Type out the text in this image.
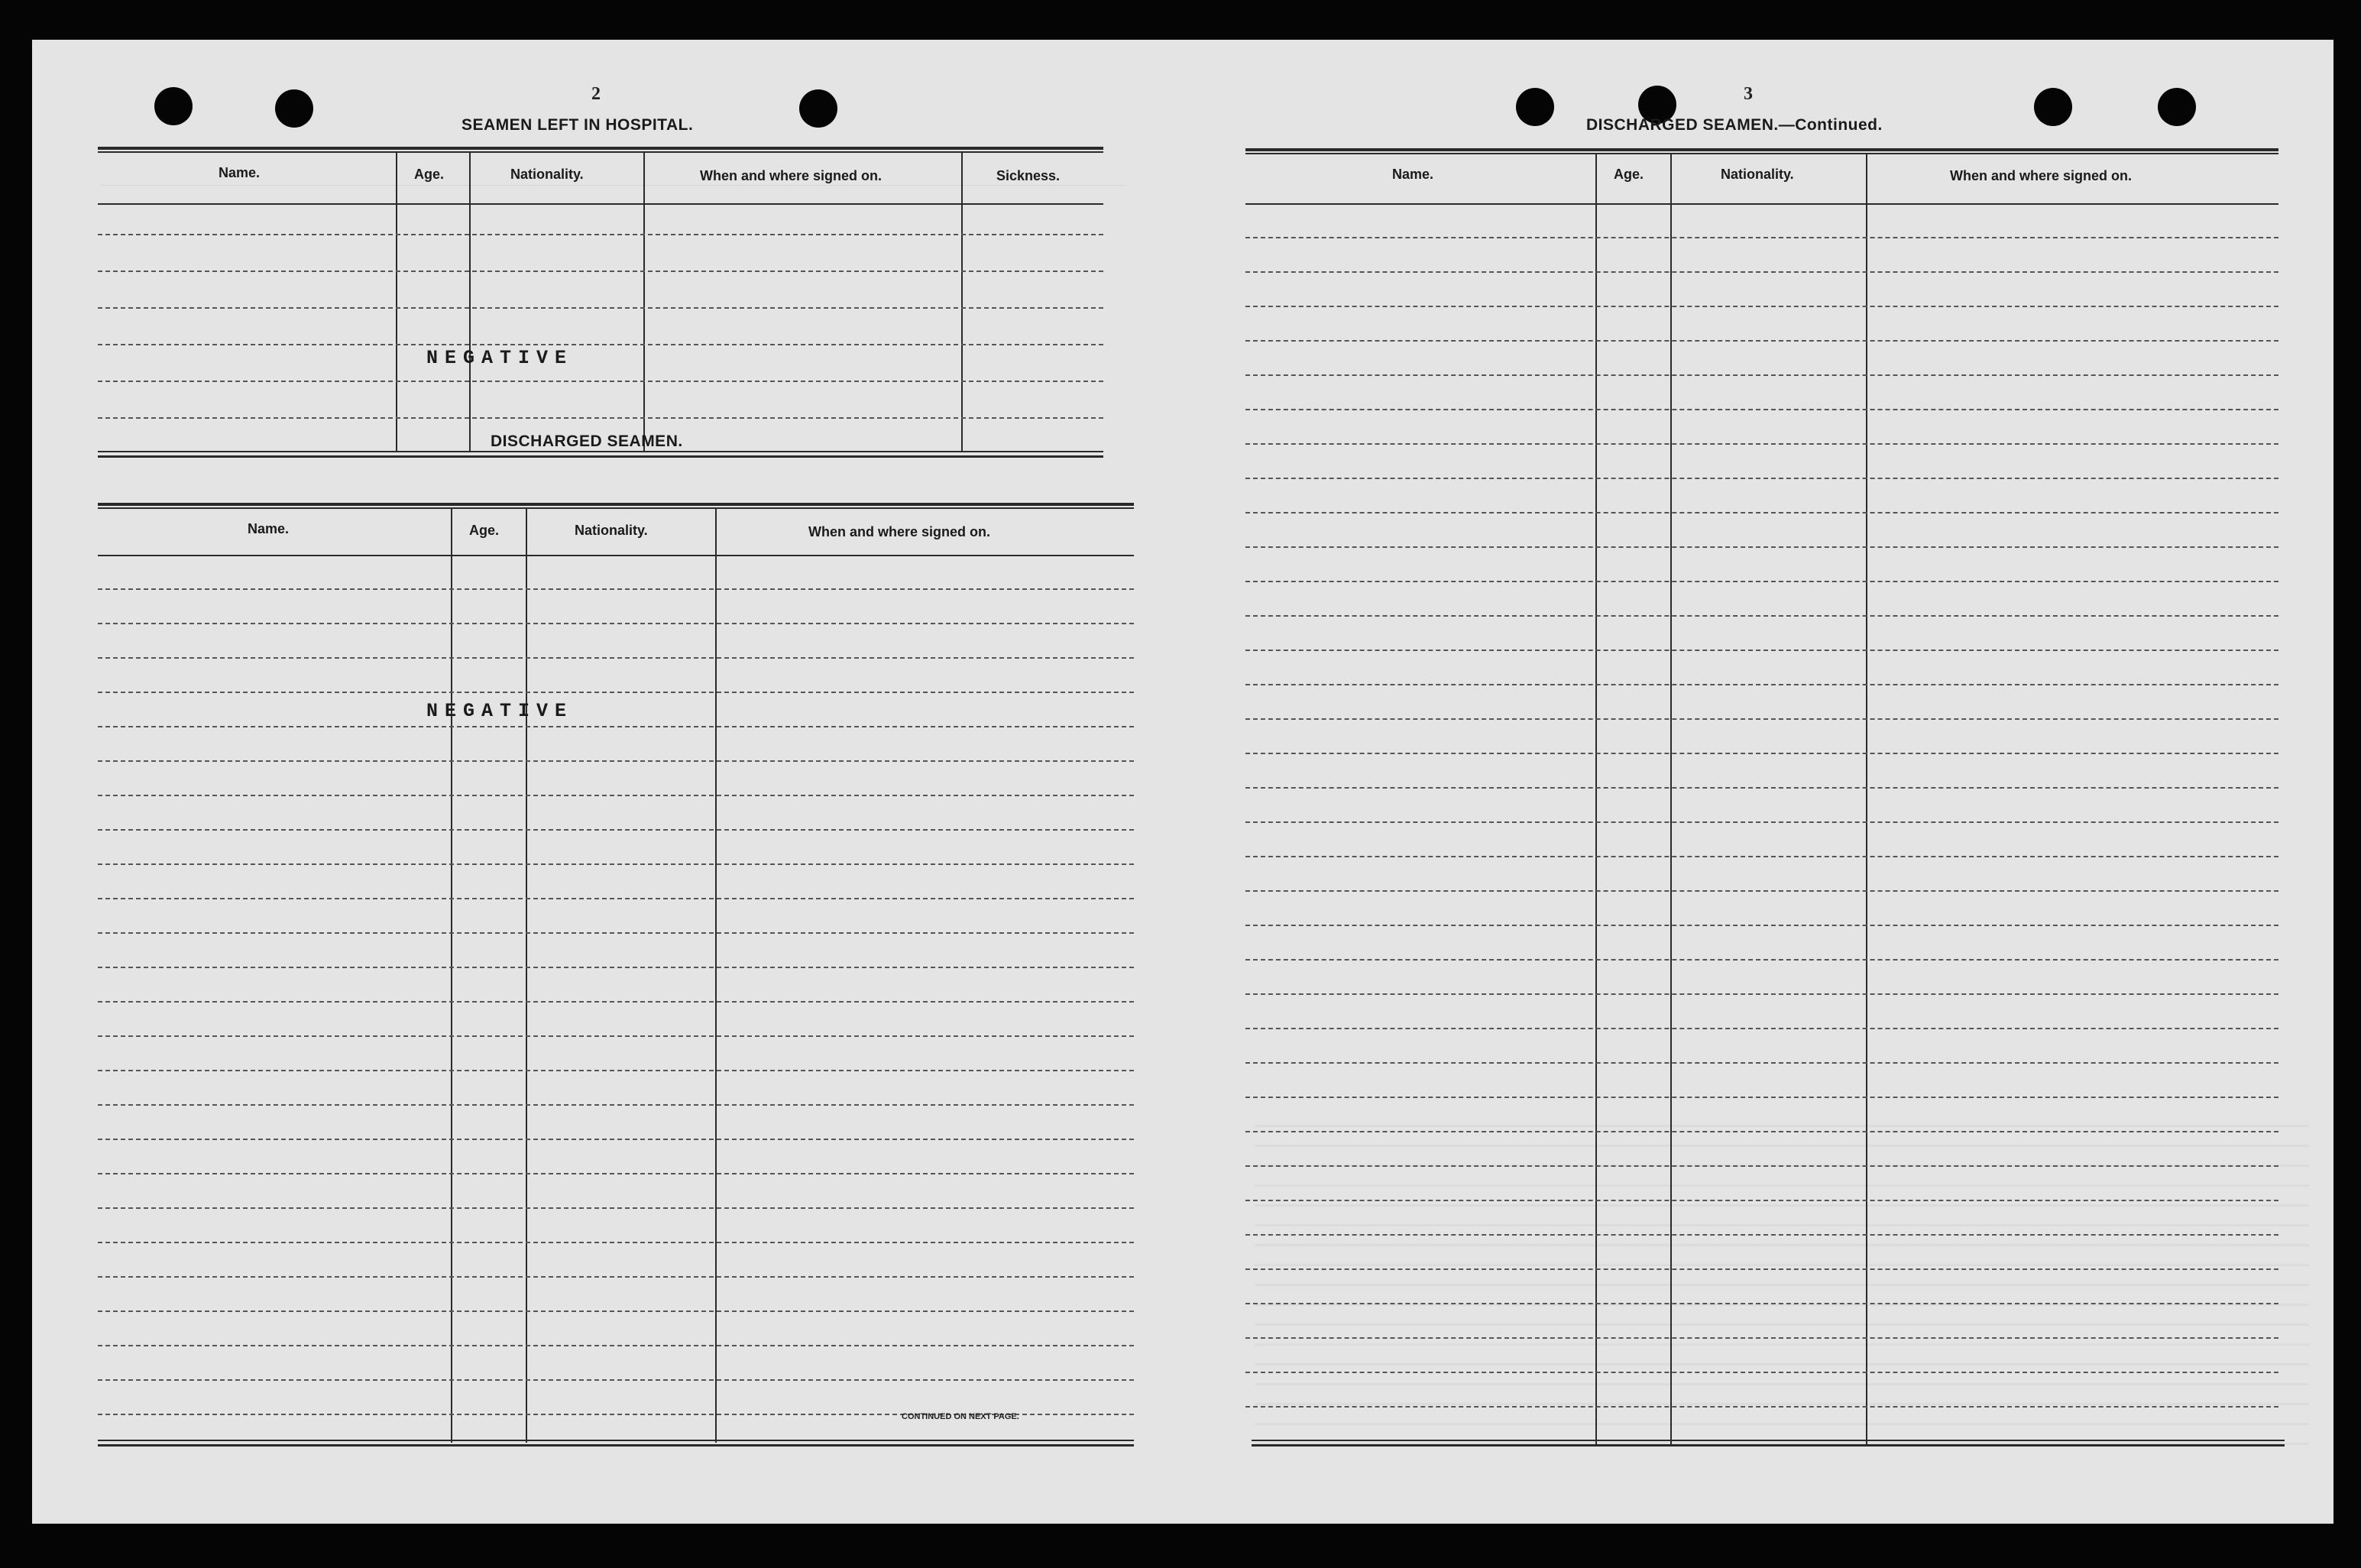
2
SEAMEN LEFT IN HOSPITAL.
Name.	Age.	Nationality.	When and where signed on.	Sickness.
NEGATIVE
DISCHARGED SEAMEN.
Name.	Age.	Nationality.	When and where signed on.
NEGATIVE
CONTINUED ON NEXT PAGE.
3
DISCHARGED SEAMEN.—Continued.
Name.	Age.	Nationality.	When and where signed on.
